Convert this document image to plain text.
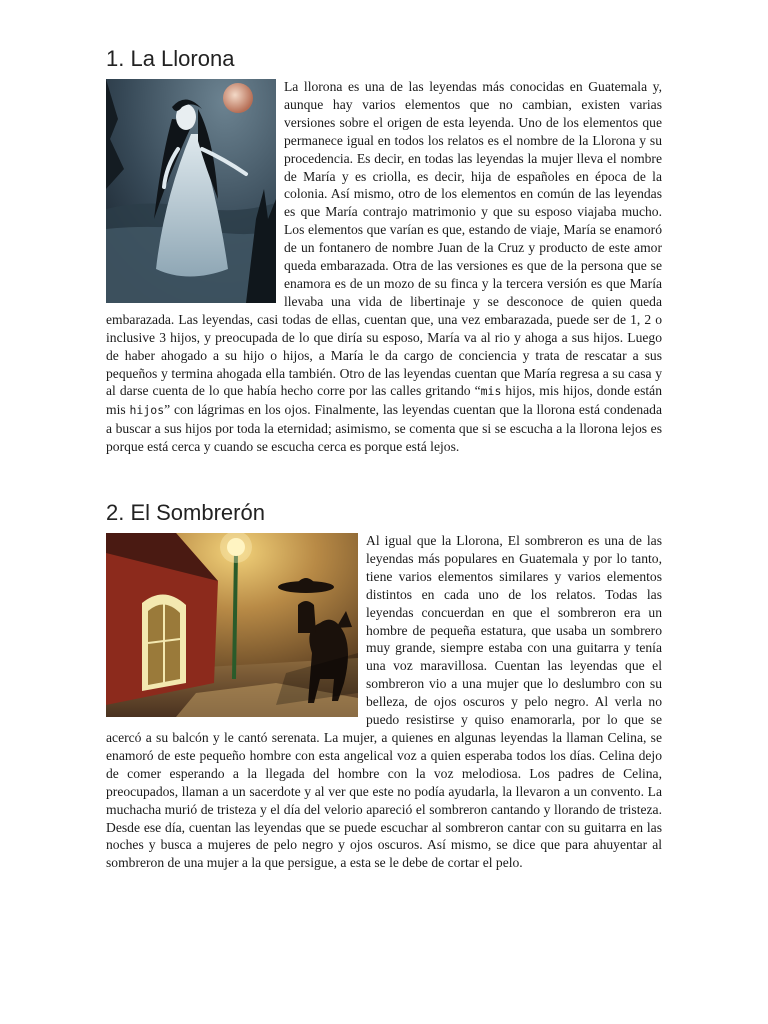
1. La Llorona

La llorona es una de las leyendas más conocidas en Guatemala y, aunque hay varios elementos que no cambian, existen varias versiones sobre el origen de esta leyenda. Uno de los elementos que permanece igual en todos los relatos es el nombre de la Llorona y su procedencia. Es decir, en todas las leyendas la mujer lleva el nombre de María y es criolla, es decir, hija de españoles en época de la colonia. Así mismo, otro de los elementos en común de las leyendas es que María contrajo matrimonio y que su esposo viajaba mucho. Los elementos que varían es que, estando de viaje, María se enamoró de un fontanero de nombre Juan de la Cruz y producto de este amor queda embarazada. Otra de las versiones es que de la persona que se enamora es de un mozo de su finca y la tercera versión es que María llevaba una vida de libertinaje y se desconoce de quien queda embarazada. Las leyendas, casi todas de ellas, cuentan que, una vez embarazada, puede ser de 1, 2 o inclusive 3 hijos, y preocupada de lo que diría su esposo, María va al rio y ahoga a sus hijos. Luego de haber ahogado a su hijo o hijos, a María le da cargo de conciencia y trata de rescatar a sus pequeños y termina ahogada ella también. Otro de las leyendas cuentan que María regresa a su casa y al darse cuenta de lo que había hecho corre por las calles gritando “mis hijos, mis hijos, donde están mis hijos” con lágrimas en los ojos. Finalmente, las leyendas cuentan que la llorona está condenada a buscar a sus hijos por toda la eternidad; asimismo, se comenta que si se escucha a la llorona lejos es porque está cerca y cuando se escucha cerca es porque está lejos.

2. El Sombrerón

Al igual que la Llorona, El sombreron es una de las leyendas más populares en Guatemala y por lo tanto, tiene varios elementos similares y varios elementos distintos en cada uno de los relatos. Todas las leyendas concuerdan en que el sombreron era un hombre de pequeña estatura, que usaba un sombrero muy grande, siempre estaba con una guitarra y tenía una voz maravillosa. Cuentan las leyendas que el sombreron vio a una mujer que lo deslumbro con su belleza, de ojos oscuros y pelo negro. Al verla no puedo resistirse y quiso enamorarla, por lo que se acercó a su balcón y le cantó serenata. La mujer, a quienes en algunas leyendas la llaman Celina, se enamoró de este pequeño hombre con esta angelical voz a quien esperaba todos los días. Celina dejo de comer esperando a la llegada del hombre con la voz melodiosa. Los padres de Celina, preocupados, llaman a un sacerdote y al ver que este no podía ayudarla, la llevaron a un convento. La muchacha murió de tristeza y el día del velorio apareció el sombreron cantando y llorando de tristeza. Desde ese día, cuentan las leyendas que se puede escuchar al sombreron cantar con su guitarra en las noches y busca a mujeres de pelo negro y ojos oscuros. Así mismo, se dice que para ahuyentar al sombreron de una mujer a la que persigue, a esta se le debe de cortar el pelo.
